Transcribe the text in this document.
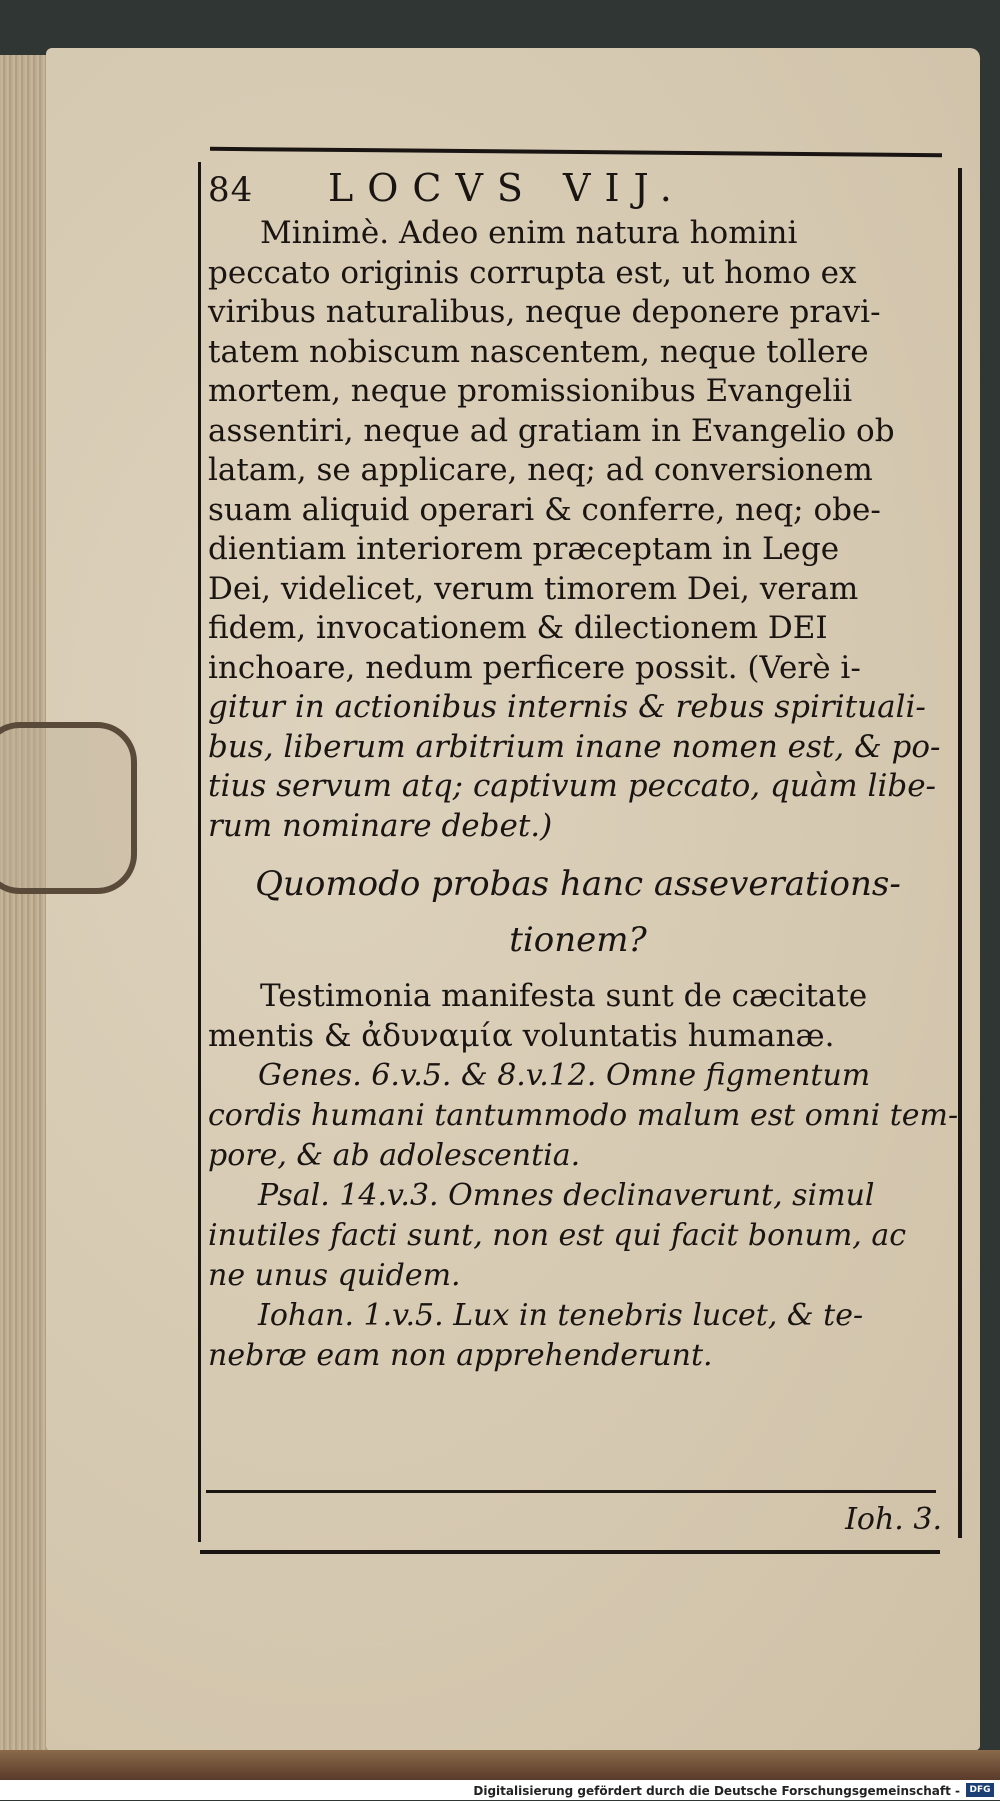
84	LOCVS VIJ.

Minimè. Adeo enim natura homini

peccato originis corrupta est, ut homo ex

viribus naturalibus, neque deponere pravi-

tatem nobiscum nascentem, neque tollere

mortem, neque promissionibus Evangelii

assentiri, neque ad gratiam in Evangelio ob

latam, se applicare, neq; ad conversionem

suam aliquid operari & conferre, neq; obe-

dientiam interiorem præceptam in Lege

Dei, videlicet, verum timorem Dei, veram

fidem, invocationem & dilectionem DEI

inchoare, nedum perficere possit. (Verè i-

gitur in actionibus internis & rebus spirituali-

bus, liberum arbitrium inane nomen est, & po-

tius servum atq; captivum peccato, quàm libe-

rum nominare debet.)

Quomodo probas hanc asseverations-

tionem?

Testimonia manifesta sunt de cæcitate

mentis & ἀδυναμία voluntatis humanæ.

Genes. 6.v.5. & 8.v.12. Omne figmentum

cordis humani tantummodo malum est omni tem-

pore, & ab adolescentia.

Psal. 14.v.3. Omnes declinaverunt, simul

inutiles facti sunt, non est qui facit bonum, ac

ne unus quidem.

Iohan. 1.v.5. Lux in tenebris lucet, & te-

nebræ eam non apprehenderunt.

Ioh. 3.
Digitalisierung gefördert durch die Deutsche Forschungsgemeinschaft -	DFG
